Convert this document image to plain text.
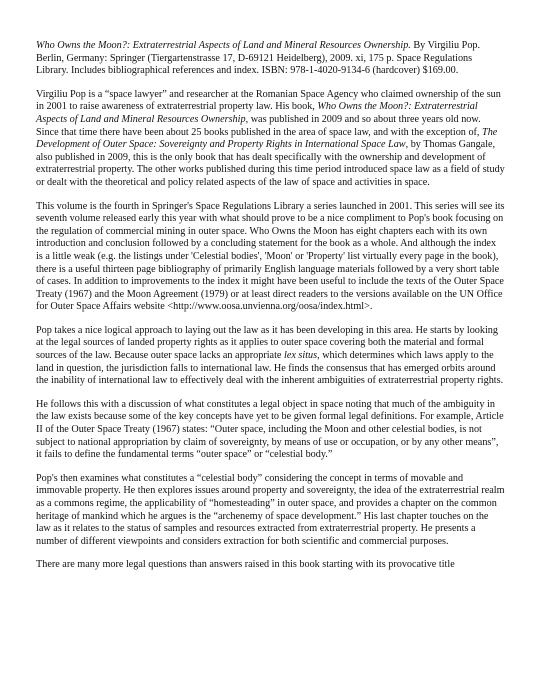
Who Owns the Moon?: Extraterrestrial Aspects of Land and Mineral Resources Ownership. By Virgiliu Pop. Berlin, Germany: Springer (Tiergartenstrasse 17, D-69121 Heidelberg), 2009. xi, 175 p. Space Regulations Library. Includes bibliographical references and index. ISBN: 978-1-4020-9134-6 (hardcover) $169.00.

Virgiliu Pop is a “space lawyer” and researcher at the Romanian Space Agency who claimed ownership of the sun in 2001 to raise awareness of extraterrestrial property law. His book, Who Owns the Moon?: Extraterrestrial Aspects of Land and Mineral Resources Ownership, was published in 2009 and so about three years old now. Since that time there have been about 25 books published in the area of space law, and with the exception of, The Development of Outer Space: Sovereignty and Property Rights in International Space Law, by Thomas Gangale, also published in 2009, this is the only book that has dealt specifically with the ownership and development of extraterrestrial property. The other works published during this time period introduced space law as a field of study or dealt with the theoretical and policy related aspects of the law of space and activities in space.

This volume is the fourth in Springer's Space Regulations Library a series launched in 2001. This series will see its seventh volume released early this year with what should prove to be a nice compliment to Pop's book focusing on the regulation of commercial mining in outer space. Who Owns the Moon has eight chapters each with its own introduction and conclusion followed by a concluding statement for the book as a whole. And although the index is a little weak (e.g. the listings under 'Celestial bodies', 'Moon' or 'Property' list virtually every page in the book), there is a useful thirteen page bibliography of primarily English language materials followed by a very short table of cases. In addition to improvements to the index it might have been useful to include the texts of the Outer Space Treaty (1967) and the Moon Agreement (1979) or at least direct readers to the versions available on the UN Office for Outer Space Affairs website <http://www.oosa.unvienna.org/oosa/index.html>.

Pop takes a nice logical approach to laying out the law as it has been developing in this area. He starts by looking at the legal sources of landed property rights as it applies to outer space covering both the material and formal sources of the law. Because outer space lacks an appropriate lex situs, which determines which laws apply to the land in question, the jurisdiction falls to international law. He finds the consensus that has emerged orbits around the inability of international law to effectively deal with the inherent ambiguities of extraterrestrial property rights.

He follows this with a discussion of what constitutes a legal object in space noting that much of the ambiguity in the law exists because some of the key concepts have yet to be given formal legal definitions. For example, Article II of the Outer Space Treaty (1967) states: “Outer space, including the Moon and other celestial bodies, is not subject to national appropriation by claim of sovereignty, by means of use or occupation, or by any other means”, it fails to define the fundamental terms “outer space” or “celestial body.”

Pop's then examines what constitutes a “celestial body” considering the concept in terms of movable and immovable property. He then explores issues around property and sovereignty, the idea of the extraterrestrial realm as a commons regime, the applicability of “homesteading” in outer space, and provides a chapter on the common heritage of mankind which he argues is the “archenemy of space development.” His last chapter touches on the law as it relates to the status of samples and resources extracted from extraterrestrial property. He presents a number of different viewpoints and considers extraction for both scientific and commercial purposes.

There are many more legal questions than answers raised in this book starting with its provocative title
